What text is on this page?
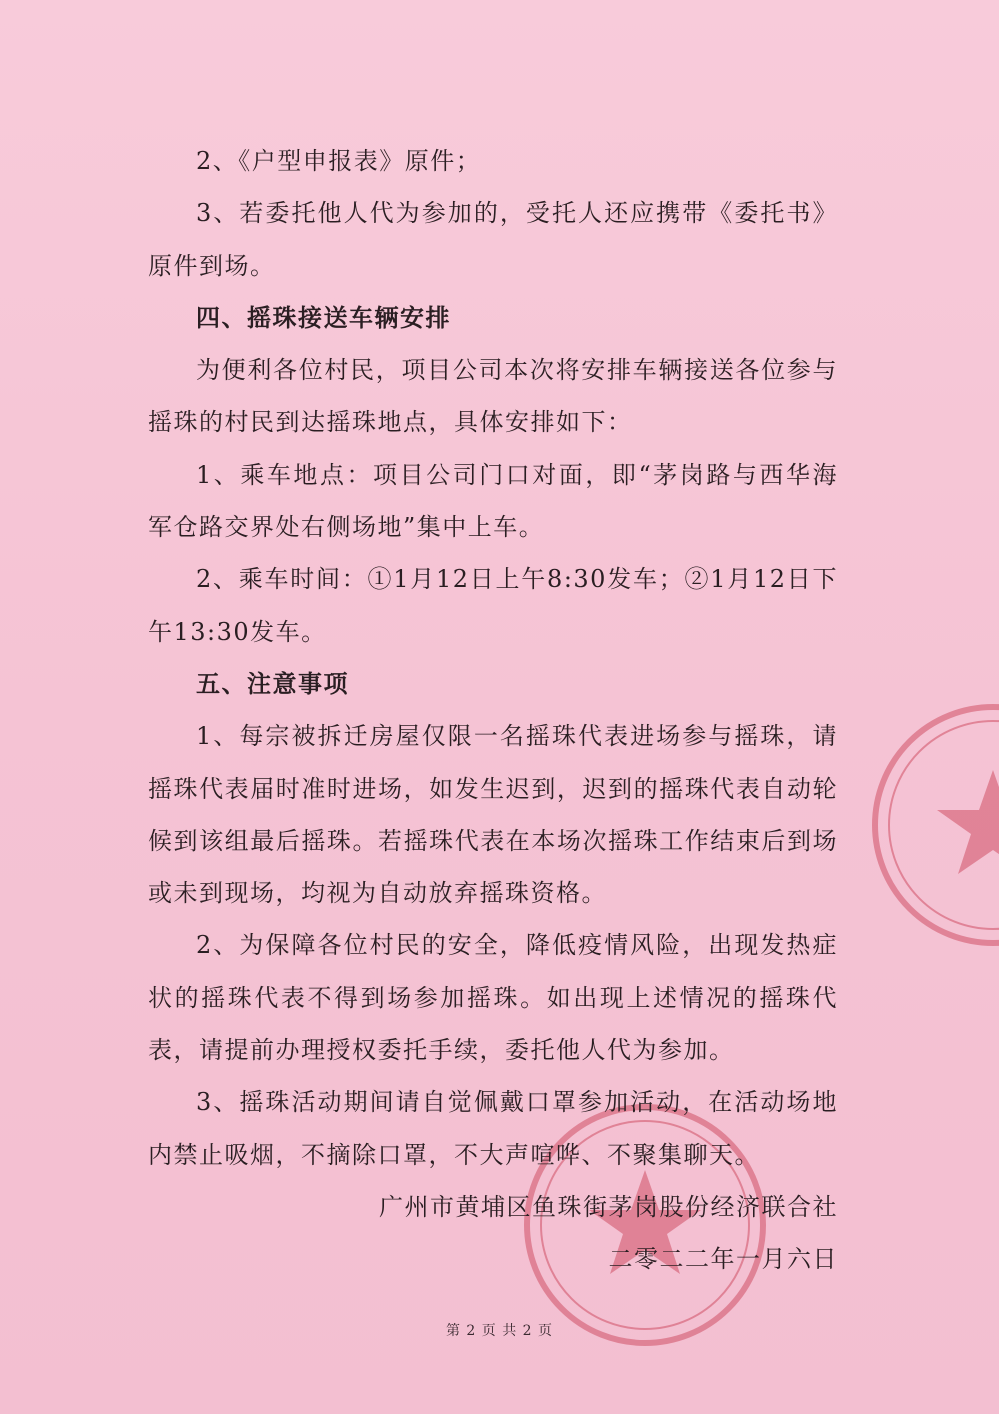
2、《户型申报表》原件；

3、若委托他人代为参加的，受托人还应携带《委托书》原件到场。

四、摇珠接送车辆安排

为便利各位村民，项目公司本次将安排车辆接送各位参与摇珠的村民到达摇珠地点，具体安排如下：

1、乘车地点：项目公司门口对面，即“茅岗路与西华海军仓路交界处右侧场地”集中上车。

2、乘车时间：①1月12日上午8:30发车；②1月12日下午13:30发车。

五、注意事项

1、每宗被拆迁房屋仅限一名摇珠代表进场参与摇珠，请摇珠代表届时准时进场，如发生迟到，迟到的摇珠代表自动轮候到该组最后摇珠。若摇珠代表在本场次摇珠工作结束后到场或未到现场，均视为自动放弃摇珠资格。

2、为保障各位村民的安全，降低疫情风险，出现发热症状的摇珠代表不得到场参加摇珠。如出现上述情况的摇珠代表，请提前办理授权委托手续，委托他人代为参加。

3、摇珠活动期间请自觉佩戴口罩参加活动，在活动场地内禁止吸烟，不摘除口罩，不大声喧哗、不聚集聊天。

广州市黄埔区鱼珠街茅岗股份经济联合社

二零二二年一月六日

第 2 页 共 2 页
